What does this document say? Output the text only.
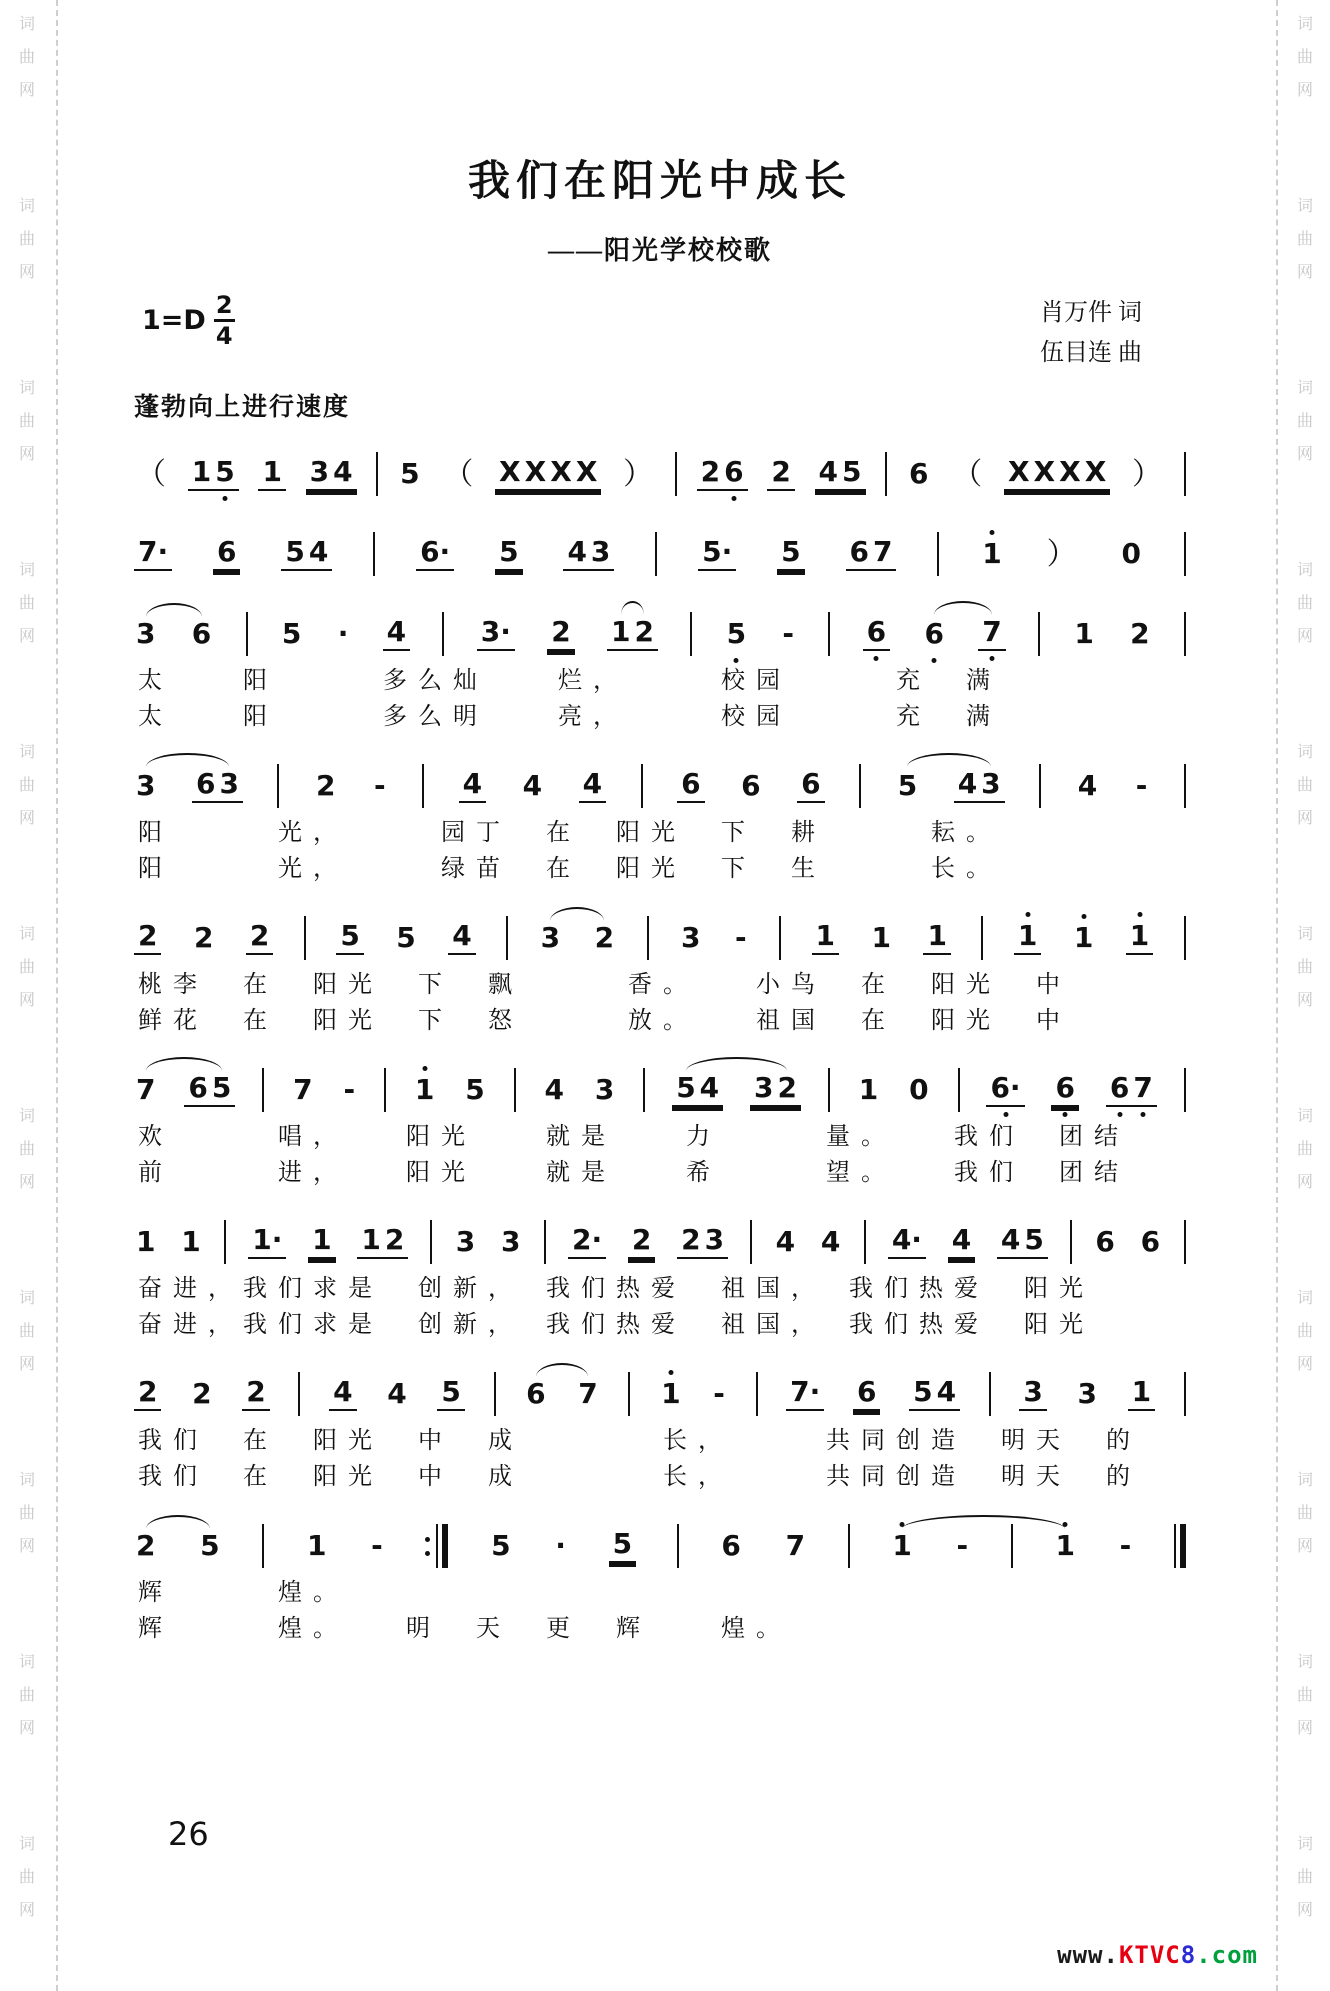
词
曲
网
词
曲
网
词
曲
网
词
曲
网
词
曲
网
词
曲
网
词
曲
网
词
曲
网
词
曲
网
词
曲
网
词
曲
网
词
曲
网
词
曲
网
词
曲
网
词
曲
网
词
曲
网
词
曲
网
词
曲
网
词
曲
网
词
曲
网
词
曲
网
词
曲
网
我们在阳光中成长
——阳光学校校歌
$1=D \frac{2}{4}$	肖万件 词
伍目连 曲
蓬勃向上进行速度
（ 1 5 1 3 4 5 （ X X X X ） 2 6 2 4 5 6 （ X X X X ）
7· 6 5 4	6· 5 4 3	5· 5 6 7	1 ） 0
3 6	5 · 4	3· 2 1 2	5 -	6 6 7	1 2
太　　阳　　　多么灿　　烂，　　　校园　　　充　满
太　　阳　　　多么明　　亮，　　　校园　　　充　满
3 6 3	2 -	4 4 4	6 6 6	5 4 3	4 -
阳　　　光，　　　园丁　在　阳光　下　耕　　　耘。
阳　　　光，　　　绿苗　在　阳光　下　生　　　长。
2 2 2	5 5 4 3 2 3 - 1 1 1	1 1 1
桃李　在　阳光　下　飘　　　香。　　小鸟　在　阳光　中
鲜花　在　阳光　下　怒　　　放。　　祖国　在　阳光　中
7 6 5 7 - 1 5 4 3 5 4 3 2 1 0 6· 6 6 7
欢　　　唱，　　阳光　　就是　　力　　　量。　　我们　团结
前　　　进，　　阳光　　就是　　希　　　望。　　我们　团结
1 1 1· 1 1 2 3 3 2· 2 2 3 4 4 4· 4 4 5 6 6
奋进，我们求是　创新，　我们热爱　祖国，　我们热爱　阳光
奋进，我们求是　创新，　我们热爱　祖国，　我们热爱　阳光
2 2 2 4 4 5 6 7 1 - 7· 6 5 4 3 3 1
我们　在　阳光　中　成　　　　长，　　　共同创造　明天　的
我们　在　阳光　中　成　　　　长，　　　共同创造　明天　的
2 5	1 -	5 · 5	6 7	1 -	1 -
辉　　　煌。
辉　　　煌。　　明　天　更　辉　　煌。
26
www.KTVC8.com
